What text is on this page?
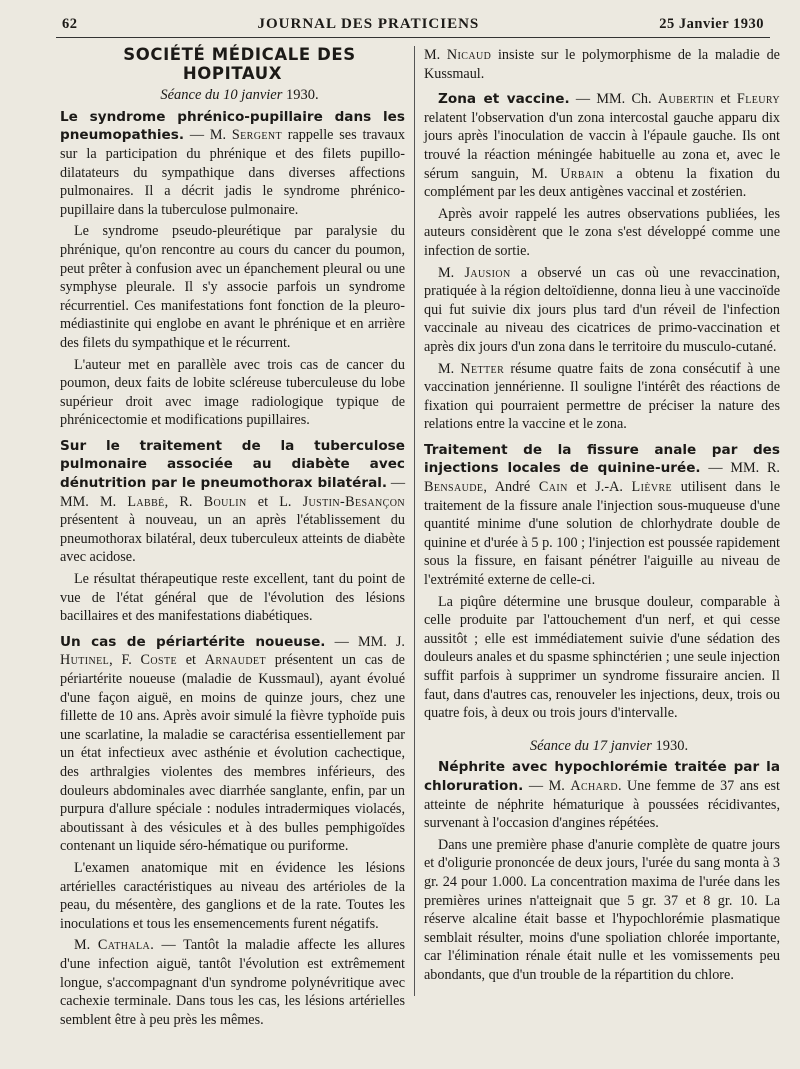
62	JOURNAL DES PRATICIENS	25 Janvier 1930

SOCIÉTÉ MÉDICALE DES HOPITAUX

Séance du 10 janvier 1930.

Le syndrome phrénico-pupillaire dans les pneumopathies. — M. Sergent rappelle ses travaux sur la participation du phrénique et des filets pupillo-dilatateurs du sympathique dans diverses affections pulmonaires. Il a décrit jadis le syndrome phrénico-pupillaire dans la tuberculose pulmonaire.

Le syndrome pseudo-pleurétique par paralysie du phrénique, qu'on rencontre au cours du cancer du poumon, peut prêter à confusion avec un épanchement pleural ou une symphyse pleurale. Il s'y associe parfois un syndrome récurrentiel. Ces manifestations font fonction de la pleuro-médiastinite qui englobe en avant le phrénique et en arrière des filets du sympathique et le récurrent.

L'auteur met en parallèle avec trois cas de cancer du poumon, deux faits de lobite scléreuse tuberculeuse du lobe supérieur droit avec image radiologique typique de phrénicectomie et modifications pupillaires.

Sur le traitement de la tuberculose pulmonaire associée au diabète avec dénutrition par le pneumothorax bilatéral. — MM. M. Labbé, R. Boulin et L. Justin-Besançon présentent à nouveau, un an après l'établissement du pneumothorax bilatéral, deux tuberculeux atteints de diabète avec acidose.

Le résultat thérapeutique reste excellent, tant du point de vue de l'état général que de l'évolution des lésions bacillaires et des manifestations diabétiques.

Un cas de périartérite noueuse. — MM. J. Hutinel, F. Coste et Arnaudet présentent un cas de périartérite noueuse (maladie de Kussmaul), ayant évolué d'une façon aiguë, en moins de quinze jours, chez une fillette de 10 ans. Après avoir simulé la fièvre typhoïde puis une scarlatine, la maladie se caractérisa essentiellement par un état infectieux avec asthénie et évolution cachectique, des arthralgies violentes des membres inférieurs, des douleurs abdominales avec diarrhée sanglante, enfin, par un purpura d'allure spéciale : nodules intradermiques violacés, aboutissant à des vésicules et à des bulles pemphigoïdes contenant un liquide séro-hématique ou puriforme.

L'examen anatomique mit en évidence les lésions artérielles caractéristiques au niveau des artérioles de la peau, du mésentère, des ganglions et de la rate. Toutes les inoculations et tous les ensemencements furent négatifs.

M. Cathala. — Tantôt la maladie affecte les allures d'une infection aiguë, tantôt l'évolution est extrêmement longue, s'accompagnant d'un syndrome polynévritique avec cachexie terminale. Dans tous les cas, les lésions artérielles semblent être à peu près les mêmes.

M. Nicaud insiste sur le polymorphisme de la maladie de Kussmaul.

Zona et vaccine. — MM. Ch. Aubertin et Fleury relatent l'observation d'un zona intercostal gauche apparu dix jours après l'inoculation de vaccin à l'épaule gauche. Ils ont trouvé la réaction méningée habituelle au zona et, avec le sérum sanguin, M. Urbain a obtenu la fixation du complément par les deux antigènes vaccinal et zostérien.

Après avoir rappelé les autres observations publiées, les auteurs considèrent que le zona s'est développé comme une infection de sortie.

M. Jausion a observé un cas où une revaccination, pratiquée à la région deltoïdienne, donna lieu à une vaccinoïde qui fut suivie dix jours plus tard d'un réveil de l'infection vaccinale au niveau des cicatrices de primo-vaccination et après dix jours d'un zona dans le territoire du musculo-cutané.

M. Netter résume quatre faits de zona consécutif à une vaccination jennérienne. Il souligne l'intérêt des réactions de fixation qui pourraient permettre de préciser la nature des relations entre la vaccine et le zona.

Traitement de la fissure anale par des injections locales de quinine-urée. — MM. R. Bensaude, André Cain et J.-A. Lièvre utilisent dans le traitement de la fissure anale l'injection sous-muqueuse d'une quantité minime d'une solution de chlorhydrate double de quinine et d'urée à 5 p. 100 ; l'injection est poussée rapidement sous la fissure, en faisant pénétrer l'aiguille au niveau de l'extrémité externe de celle-ci.

La piqûre détermine une brusque douleur, comparable à celle produite par l'attouchement d'un nerf, et qui cesse aussitôt ; elle est immédiatement suivie d'une sédation des douleurs anales et du spasme sphinctérien ; une seule injection suffit parfois à supprimer un syndrome fissuraire ancien. Il faut, dans d'autres cas, renouveler les injections, deux, trois ou quatre fois, à deux ou trois jours d'intervalle.

Séance du 17 janvier 1930.

Néphrite avec hypochlorémie traitée par la chloruration. — M. Achard. Une femme de 37 ans est atteinte de néphrite hématurique à poussées récidivantes, survenant à l'occasion d'angines répétées.

Dans une première phase d'anurie complète de quatre jours et d'oligurie prononcée de deux jours, l'urée du sang monta à 3 gr. 24 pour 1.000. La concentration maxima de l'urée dans les premières urines n'atteignait que 5 gr. 37 et 8 gr. 10. La réserve alcaline était basse et l'hypochlorémie plasmatique semblait résulter, moins d'une spoliation chlorée importante, car l'élimination rénale était nulle et les vomissements peu abondants, que d'un trouble de la répartition du chlore.
